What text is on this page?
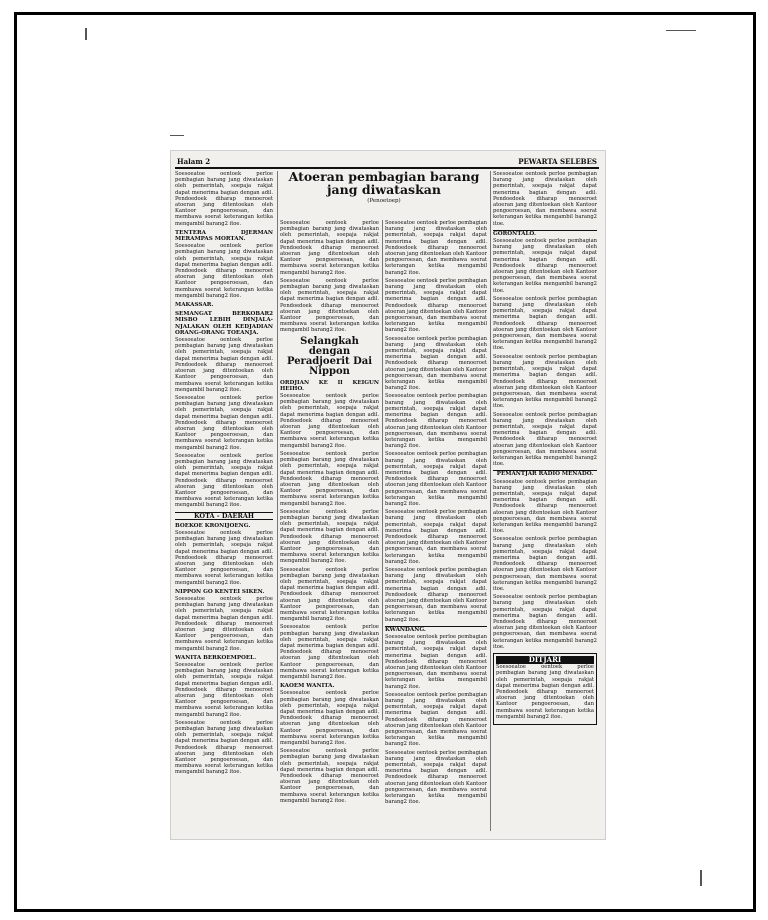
Halam 2	PEWARTA SELEBES
Atoeran pembagian barang jang diwataskan
(Penoetoep)

Soesoeatoe oentoek perloe pembagian barang jang diwataskan oleh pemerintah, soepaja rakjat dapat menerima bagian dengan adil. Pendoedoek diharap menoeroet atoeran jang ditentoekan oleh Kantoor pengoeroesan, dan membawa soerat keterangan ketika mengambil barang2 itoe.

TENTERA DJERMAN MERAMPAS MORTAN.

Soesoeatoe oentoek perloe pembagian barang jang diwataskan oleh pemerintah, soepaja rakjat dapat menerima bagian dengan adil. Pendoedoek diharap menoeroet atoeran jang ditentoekan oleh Kantoor pengoeroesan, dan membawa soerat keterangan ketika mengambil barang2 itoe.

MAKASSAR.
SEMANGAT BERKOBAR2 MISBO LEBIH DINJALA-NJALAKAN OLEH KEDJADIAN ORANG-ORANG TOEANJA.

Soesoeatoe oentoek perloe pembagian barang jang diwataskan oleh pemerintah, soepaja rakjat dapat menerima bagian dengan adil. Pendoedoek diharap menoeroet atoeran jang ditentoekan oleh Kantoor pengoeroesan, dan membawa soerat keterangan ketika mengambil barang2 itoe.

Soesoeatoe oentoek perloe pembagian barang jang diwataskan oleh pemerintah, soepaja rakjat dapat menerima bagian dengan adil. Pendoedoek diharap menoeroet atoeran jang ditentoekan oleh Kantoor pengoeroesan, dan membawa soerat keterangan ketika mengambil barang2 itoe.

Soesoeatoe oentoek perloe pembagian barang jang diwataskan oleh pemerintah, soepaja rakjat dapat menerima bagian dengan adil. Pendoedoek diharap menoeroet atoeran jang ditentoekan oleh Kantoor pengoeroesan, dan membawa soerat keterangan ketika mengambil barang2 itoe.

KOTA - DAERAH
BOEKOE KRONIJOENG.

Soesoeatoe oentoek perloe pembagian barang jang diwataskan oleh pemerintah, soepaja rakjat dapat menerima bagian dengan adil. Pendoedoek diharap menoeroet atoeran jang ditentoekan oleh Kantoor pengoeroesan, dan membawa soerat keterangan ketika mengambil barang2 itoe.

NIPPON GO KENTEI SIKEN.

Soesoeatoe oentoek perloe pembagian barang jang diwataskan oleh pemerintah, soepaja rakjat dapat menerima bagian dengan adil. Pendoedoek diharap menoeroet atoeran jang ditentoekan oleh Kantoor pengoeroesan, dan membawa soerat keterangan ketika mengambil barang2 itoe.

WANITA BERKOEMPOEL.

Soesoeatoe oentoek perloe pembagian barang jang diwataskan oleh pemerintah, soepaja rakjat dapat menerima bagian dengan adil. Pendoedoek diharap menoeroet atoeran jang ditentoekan oleh Kantoor pengoeroesan, dan membawa soerat keterangan ketika mengambil barang2 itoe.

Soesoeatoe oentoek perloe pembagian barang jang diwataskan oleh pemerintah, soepaja rakjat dapat menerima bagian dengan adil. Pendoedoek diharap menoeroet atoeran jang ditentoekan oleh Kantoor pengoeroesan, dan membawa soerat keterangan ketika mengambil barang2 itoe.

Soesoeatoe oentoek perloe pembagian barang jang diwataskan oleh pemerintah, soepaja rakjat dapat menerima bagian dengan adil. Pendoedoek diharap menoeroet atoeran jang ditentoekan oleh Kantoor pengoeroesan, dan membawa soerat keterangan ketika mengambil barang2 itoe.

Soesoeatoe oentoek perloe pembagian barang jang diwataskan oleh pemerintah, soepaja rakjat dapat menerima bagian dengan adil. Pendoedoek diharap menoeroet atoeran jang ditentoekan oleh Kantoor pengoeroesan, dan membawa soerat keterangan ketika mengambil barang2 itoe.

Selangkah dengan Peradjoerit Dai Nippon
ORDJIAN KE II KEIGUN HEIHO.

Soesoeatoe oentoek perloe pembagian barang jang diwataskan oleh pemerintah, soepaja rakjat dapat menerima bagian dengan adil. Pendoedoek diharap menoeroet atoeran jang ditentoekan oleh Kantoor pengoeroesan, dan membawa soerat keterangan ketika mengambil barang2 itoe.

Soesoeatoe oentoek perloe pembagian barang jang diwataskan oleh pemerintah, soepaja rakjat dapat menerima bagian dengan adil. Pendoedoek diharap menoeroet atoeran jang ditentoekan oleh Kantoor pengoeroesan, dan membawa soerat keterangan ketika mengambil barang2 itoe.

Soesoeatoe oentoek perloe pembagian barang jang diwataskan oleh pemerintah, soepaja rakjat dapat menerima bagian dengan adil. Pendoedoek diharap menoeroet atoeran jang ditentoekan oleh Kantoor pengoeroesan, dan membawa soerat keterangan ketika mengambil barang2 itoe.

Soesoeatoe oentoek perloe pembagian barang jang diwataskan oleh pemerintah, soepaja rakjat dapat menerima bagian dengan adil. Pendoedoek diharap menoeroet atoeran jang ditentoekan oleh Kantoor pengoeroesan, dan membawa soerat keterangan ketika mengambil barang2 itoe.

Soesoeatoe oentoek perloe pembagian barang jang diwataskan oleh pemerintah, soepaja rakjat dapat menerima bagian dengan adil. Pendoedoek diharap menoeroet atoeran jang ditentoekan oleh Kantoor pengoeroesan, dan membawa soerat keterangan ketika mengambil barang2 itoe.

KAOEM WANITA.

Soesoeatoe oentoek perloe pembagian barang jang diwataskan oleh pemerintah, soepaja rakjat dapat menerima bagian dengan adil. Pendoedoek diharap menoeroet atoeran jang ditentoekan oleh Kantoor pengoeroesan, dan membawa soerat keterangan ketika mengambil barang2 itoe.

Soesoeatoe oentoek perloe pembagian barang jang diwataskan oleh pemerintah, soepaja rakjat dapat menerima bagian dengan adil. Pendoedoek diharap menoeroet atoeran jang ditentoekan oleh Kantoor pengoeroesan, dan membawa soerat keterangan ketika mengambil barang2 itoe.

Soesoeatoe oentoek perloe pembagian barang jang diwataskan oleh pemerintah, soepaja rakjat dapat menerima bagian dengan adil. Pendoedoek diharap menoeroet atoeran jang ditentoekan oleh Kantoor pengoeroesan, dan membawa soerat keterangan ketika mengambil barang2 itoe.

Soesoeatoe oentoek perloe pembagian barang jang diwataskan oleh pemerintah, soepaja rakjat dapat menerima bagian dengan adil. Pendoedoek diharap menoeroet atoeran jang ditentoekan oleh Kantoor pengoeroesan, dan membawa soerat keterangan ketika mengambil barang2 itoe.

Soesoeatoe oentoek perloe pembagian barang jang diwataskan oleh pemerintah, soepaja rakjat dapat menerima bagian dengan adil. Pendoedoek diharap menoeroet atoeran jang ditentoekan oleh Kantoor pengoeroesan, dan membawa soerat keterangan ketika mengambil barang2 itoe.

Soesoeatoe oentoek perloe pembagian barang jang diwataskan oleh pemerintah, soepaja rakjat dapat menerima bagian dengan adil. Pendoedoek diharap menoeroet atoeran jang ditentoekan oleh Kantoor pengoeroesan, dan membawa soerat keterangan ketika mengambil barang2 itoe.

Soesoeatoe oentoek perloe pembagian barang jang diwataskan oleh pemerintah, soepaja rakjat dapat menerima bagian dengan adil. Pendoedoek diharap menoeroet atoeran jang ditentoekan oleh Kantoor pengoeroesan, dan membawa soerat keterangan ketika mengambil barang2 itoe.

Soesoeatoe oentoek perloe pembagian barang jang diwataskan oleh pemerintah, soepaja rakjat dapat menerima bagian dengan adil. Pendoedoek diharap menoeroet atoeran jang ditentoekan oleh Kantoor pengoeroesan, dan membawa soerat keterangan ketika mengambil barang2 itoe.

Soesoeatoe oentoek perloe pembagian barang jang diwataskan oleh pemerintah, soepaja rakjat dapat menerima bagian dengan adil. Pendoedoek diharap menoeroet atoeran jang ditentoekan oleh Kantoor pengoeroesan, dan membawa soerat keterangan ketika mengambil barang2 itoe.

KWANDANG.

Soesoeatoe oentoek perloe pembagian barang jang diwataskan oleh pemerintah, soepaja rakjat dapat menerima bagian dengan adil. Pendoedoek diharap menoeroet atoeran jang ditentoekan oleh Kantoor pengoeroesan, dan membawa soerat keterangan ketika mengambil barang2 itoe.

Soesoeatoe oentoek perloe pembagian barang jang diwataskan oleh pemerintah, soepaja rakjat dapat menerima bagian dengan adil. Pendoedoek diharap menoeroet atoeran jang ditentoekan oleh Kantoor pengoeroesan, dan membawa soerat keterangan ketika mengambil barang2 itoe.

Soesoeatoe oentoek perloe pembagian barang jang diwataskan oleh pemerintah, soepaja rakjat dapat menerima bagian dengan adil. Pendoedoek diharap menoeroet atoeran jang ditentoekan oleh Kantoor pengoeroesan, dan membawa soerat keterangan ketika mengambil barang2 itoe.

Soesoeatoe oentoek perloe pembagian barang jang diwataskan oleh pemerintah, soepaja rakjat dapat menerima bagian dengan adil. Pendoedoek diharap menoeroet atoeran jang ditentoekan oleh Kantoor pengoeroesan, dan membawa soerat keterangan ketika mengambil barang2 itoe.

GORONTALO.

Soesoeatoe oentoek perloe pembagian barang jang diwataskan oleh pemerintah, soepaja rakjat dapat menerima bagian dengan adil. Pendoedoek diharap menoeroet atoeran jang ditentoekan oleh Kantoor pengoeroesan, dan membawa soerat keterangan ketika mengambil barang2 itoe.

Soesoeatoe oentoek perloe pembagian barang jang diwataskan oleh pemerintah, soepaja rakjat dapat menerima bagian dengan adil. Pendoedoek diharap menoeroet atoeran jang ditentoekan oleh Kantoor pengoeroesan, dan membawa soerat keterangan ketika mengambil barang2 itoe.

Soesoeatoe oentoek perloe pembagian barang jang diwataskan oleh pemerintah, soepaja rakjat dapat menerima bagian dengan adil. Pendoedoek diharap menoeroet atoeran jang ditentoekan oleh Kantoor pengoeroesan, dan membawa soerat keterangan ketika mengambil barang2 itoe.

Soesoeatoe oentoek perloe pembagian barang jang diwataskan oleh pemerintah, soepaja rakjat dapat menerima bagian dengan adil. Pendoedoek diharap menoeroet atoeran jang ditentoekan oleh Kantoor pengoeroesan, dan membawa soerat keterangan ketika mengambil barang2 itoe.

PEMANTJAR RADIO MENADO.

Soesoeatoe oentoek perloe pembagian barang jang diwataskan oleh pemerintah, soepaja rakjat dapat menerima bagian dengan adil. Pendoedoek diharap menoeroet atoeran jang ditentoekan oleh Kantoor pengoeroesan, dan membawa soerat keterangan ketika mengambil barang2 itoe.

Soesoeatoe oentoek perloe pembagian barang jang diwataskan oleh pemerintah, soepaja rakjat dapat menerima bagian dengan adil. Pendoedoek diharap menoeroet atoeran jang ditentoekan oleh Kantoor pengoeroesan, dan membawa soerat keterangan ketika mengambil barang2 itoe.

Soesoeatoe oentoek perloe pembagian barang jang diwataskan oleh pemerintah, soepaja rakjat dapat menerima bagian dengan adil. Pendoedoek diharap menoeroet atoeran jang ditentoekan oleh Kantoor pengoeroesan, dan membawa soerat keterangan ketika mengambil barang2 itoe.

DITJARI

Soesoeatoe oentoek perloe pembagian barang jang diwataskan oleh pemerintah, soepaja rakjat dapat menerima bagian dengan adil. Pendoedoek diharap menoeroet atoeran jang ditentoekan oleh Kantoor pengoeroesan, dan membawa soerat keterangan ketika mengambil barang2 itoe.
